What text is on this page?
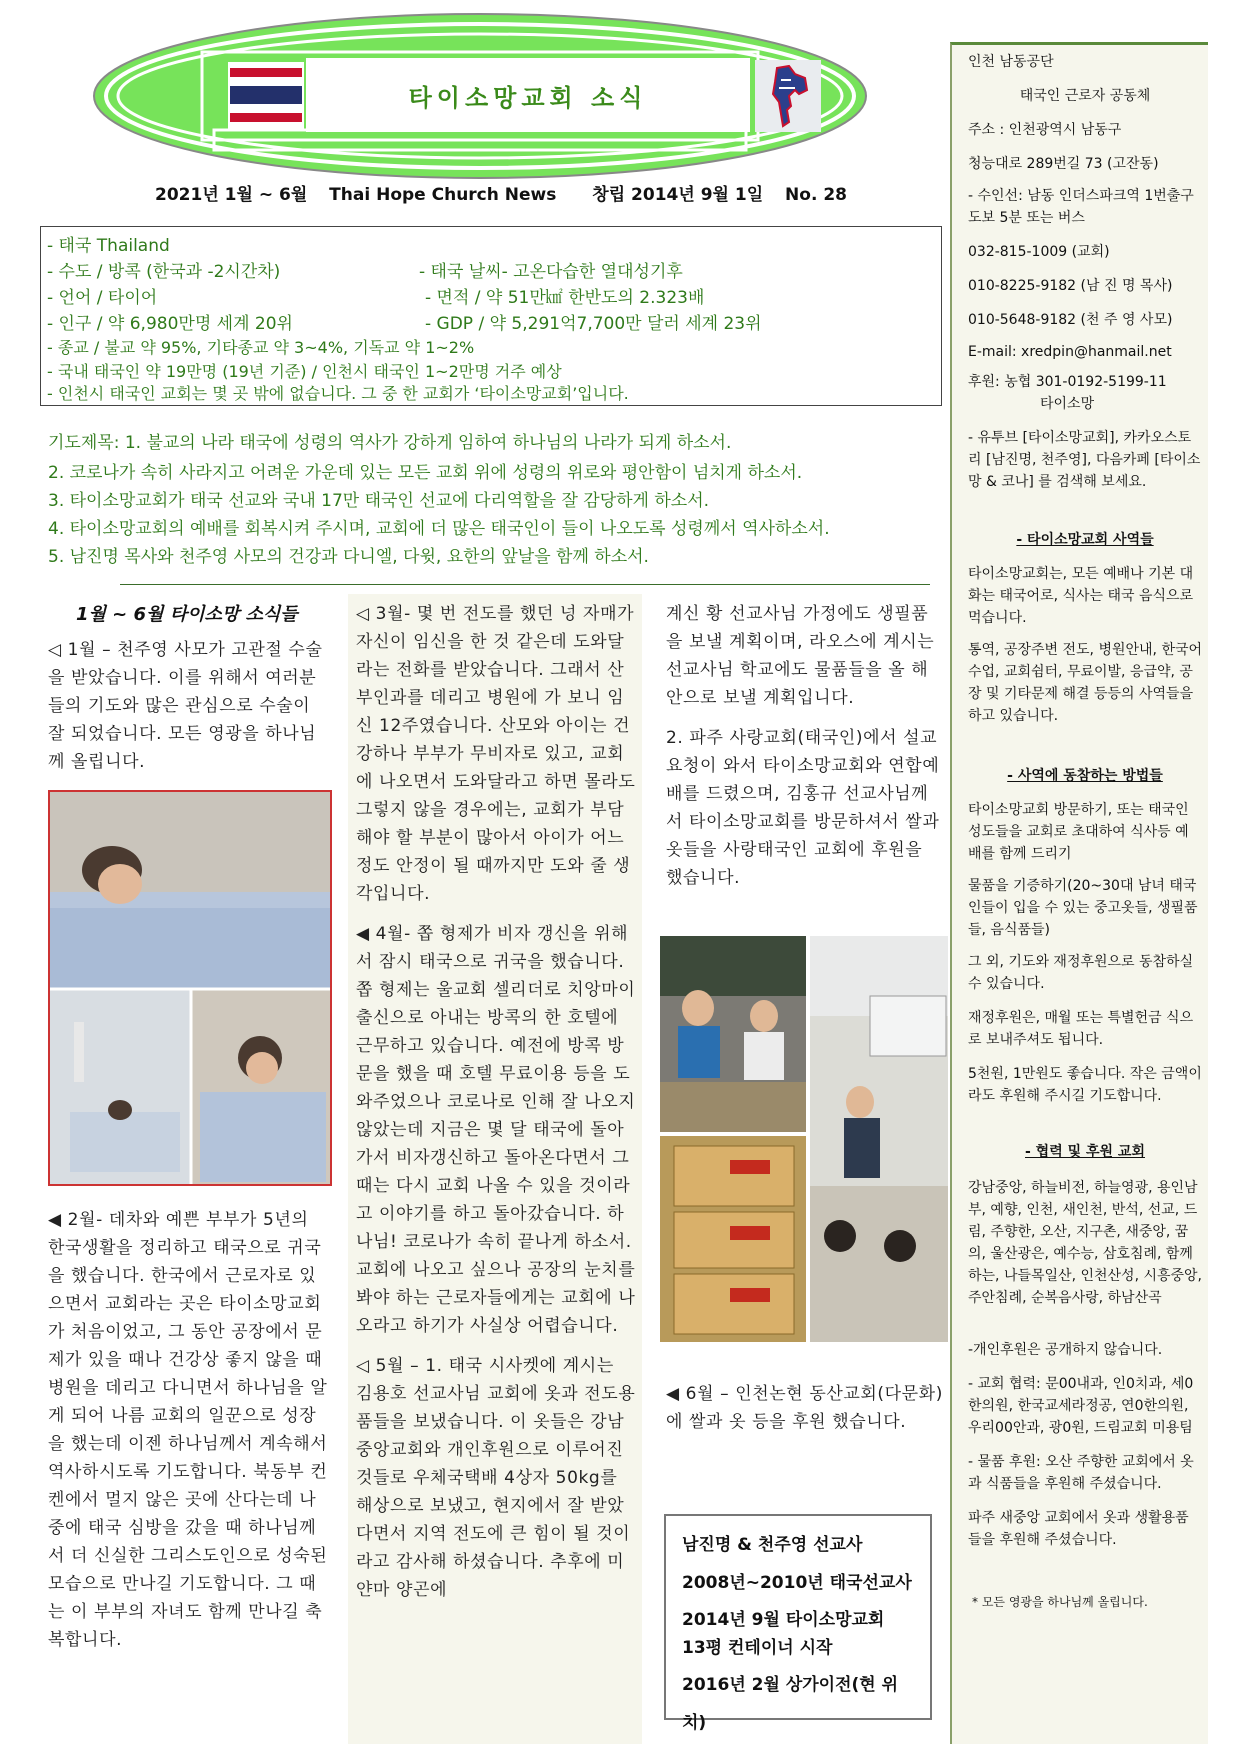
타이소망교회 소식
2021년 1월 ~ 6월 Thai Hope Church News 창립 2014년 9월 1일 No. 28
- 태국 Thailand
- 수도 / 방콕 (한국과 -2시간차)	- 태국 날씨- 고온다습한 열대성기후
- 언어 / 타이어	- 면적 / 약 51만㎢ 한반도의 2.323배
- 인구 / 약 6,980만명 세계 20위	- GDP / 약 5,291억7,700만 달러 세계 23위
- 종교 / 불교 약 95%, 기타종교 약 3~4%, 기독교 약 1~2%
- 국내 태국인 약 19만명 (19년 기준) / 인천시 태국인 1~2만명 거주 예상
- 인천시 태국인 교회는 몇 곳 밖에 없습니다. 그 중 한 교회가 ‘타이소망교회’입니다.
기도제목: 1. 불교의 나라 태국에 성령의 역사가 강하게 임하여 하나님의 나라가 되게 하소서.
2. 코로나가 속히 사라지고 어려운 가운데 있는 모든 교회 위에 성령의 위로와 평안함이 넘치게 하소서.
3. 타이소망교회가 태국 선교와 국내 17만 태국인 선교에 다리역할을 잘 감당하게 하소서.
4. 타이소망교회의 예배를 회복시켜 주시며, 교회에 더 많은 태국인이 들이 나오도록 성령께서 역사하소서.
5. 남진명 목사와 천주영 사모의 건강과 다니엘, 다윗, 요한의 앞날을 함께 하소서.
1월 ~ 6월 타이소망 소식들

◁ 1월 – 천주영 사모가 고관절 수술을 받았습니다. 이를 위해서 여러분들의 기도와 많은 관심으로 수술이 잘 되었습니다. 모든 영광을 하나님께 올립니다.

◀ 2월- 데차와 예쁜 부부가 5년의 한국생활을 정리하고 태국으로 귀국을 했습니다. 한국에서 근로자로 있으면서 교회라는 곳은 타이소망교회가 처음이었고, 그 동안 공장에서 문제가 있을 때나 건강상 좋지 않을 때 병원을 데리고 다니면서 하나님을 알게 되어 나름 교회의 일꾼으로 성장을 했는데 이젠 하나님께서 계속해서 역사하시도록 기도합니다. 북동부 컨켄에서 멀지 않은 곳에 산다는데 나중에 태국 심방을 갔을 때 하나님께서 더 신실한 그리스도인으로 성숙된 모습으로 만나길 기도합니다. 그 때는 이 부부의 자녀도 함께 만나길 축복합니다.

◁ 3월- 몇 번 전도를 했던 넝 자매가 자신이 임신을 한 것 같은데 도와달라는 전화를 받았습니다. 그래서 산부인과를 데리고 병원에 가 보니 임신 12주였습니다. 산모와 아이는 건강하나 부부가 무비자로 있고, 교회에 나오면서 도와달라고 하면 몰라도 그렇지 않을 경우에는, 교회가 부담해야 할 부분이 많아서 아이가 어느 정도 안정이 될 때까지만 도와 줄 생각입니다.

◀ 4월- 쫍 형제가 비자 갱신을 위해서 잠시 태국으로 귀국을 했습니다. 쫍 형제는 울교회 셀리더로 치앙마이 출신으로 아내는 방콕의 한 호텔에 근무하고 있습니다. 예전에 방콕 방문을 했을 때 호텔 무료이용 등을 도와주었으나 코로나로 인해 잘 나오지 않았는데 지금은 몇 달 태국에 돌아가서 비자갱신하고 돌아온다면서 그 때는 다시 교회 나올 수 있을 것이라고 이야기를 하고 돌아갔습니다. 하나님! 코로나가 속히 끝나게 하소서. 교회에 나오고 싶으나 공장의 눈치를 봐야 하는 근로자들에게는 교회에 나오라고 하기가 사실상 어렵습니다.

◁ 5월 – 1. 태국 시사켓에 계시는 김용호 선교사님 교회에 옷과 전도용품들을 보냈습니다. 이 옷들은 강남중앙교회와 개인후원으로 이루어진 것들로 우체국택배 4상자 50kg를 해상으로 보냈고, 현지에서 잘 받았다면서 지역 전도에 큰 힘이 될 것이라고 감사해 하셨습니다. 추후에 미얀마 양곤에

계신 황 선교사님 가정에도 생필품을 보낼 계획이며, 라오스에 계시는 선교사님 학교에도 물품들을 올 해 안으로 보낼 계획입니다.

2. 파주 사랑교회(태국인)에서 설교 요청이 와서 타이소망교회와 연합예배를 드렸으며, 김홍규 선교사님께서 타이소망교회를 방문하셔서 쌀과 옷들을 사랑태국인 교회에 후원을 했습니다.

◀ 6월 – 인천논현 동산교회(다문화)에 쌀과 옷 등을 후원 했습니다.

남진명 & 천주영 선교사
2008년~2010년 태국선교사
2014년 9월 타이소망교회
13평 컨테이너 시작
2016년 2월 상가이전(현 위치)
인천 남동공단
태국인 근로자 공동체
주소 : 인천광역시 남동구
청능대로 289번길 73 (고잔동)
- 수인선: 남동 인더스파크역 1번출구 도보 5분 또는 버스
032-815-1009 (교회)
010-8225-9182 (남 진 명 목사)
010-5648-9182 (천 주 영 사모)
E-mail: xredpin@hanmail.net
후원: 농협 301-0192-5199-11
타이소망
- 유투브 [타이소망교회], 카카오스토리 [남진명, 천주영], 다음카페 [타이소망 & 코나] 를 검색해 보세요.
- 타이소망교회 사역들
타이소망교회는, 모든 예배나 기본 대화는 태국어로, 식사는 태국 음식으로 먹습니다.
통역, 공장주변 전도, 병원안내, 한국어수업, 교회쉼터, 무료이발, 응급약, 공장 및 기타문제 해결 등등의 사역들을 하고 있습니다.
- 사역에 동참하는 방법들
타이소망교회 방문하기, 또는 태국인 성도들을 교회로 초대하여 식사등 예배를 함께 드리기
물품을 기증하기(20~30대 남녀 태국인들이 입을 수 있는 중고옷들, 생필품들, 음식품들)
그 외, 기도와 재정후원으로 동참하실 수 있습니다.
재정후원은, 매월 또는 특별헌금 식으로 보내주셔도 됩니다.
5천원, 1만원도 좋습니다. 작은 금액이라도 후원해 주시길 기도합니다.
- 협력 및 후원 교회
강남중앙, 하늘비전, 하늘영광, 용인남부, 예향, 인천, 새인천, 반석, 선교, 드림, 주향한, 오산, 지구촌, 새중앙, 꿈의, 울산광은, 예수능, 삼호침례, 함께하는, 나들목일산, 인천산성, 시흥중앙, 주안침례, 순복음사랑, 하남산곡
-개인후원은 공개하지 않습니다.
- 교회 협력: 문00내과, 인0치과, 세0한의원, 한국교세라정공, 연0한의원, 우리00안과, 광0원, 드림교회 미용팀
- 물품 후원: 오산 주향한 교회에서 옷과 식품들을 후원해 주셨습니다.
파주 새중앙 교회에서 옷과 생활용품들을 후원해 주셨습니다.
* 모든 영광을 하나님께 올립니다.
